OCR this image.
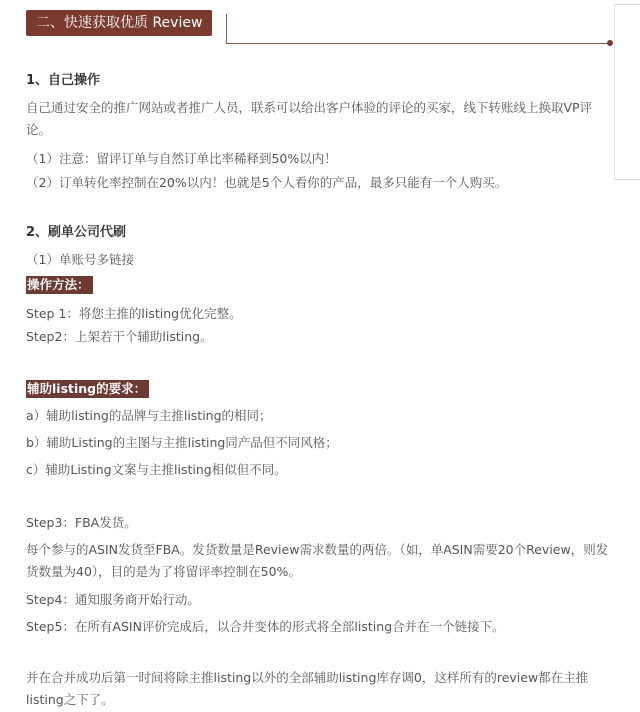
二、快速获取优质 Review
1、自己操作
自己通过安全的推广网站或者推广人员，联系可以给出客户体验的评论的买家，线下转账线上换取VP评论。
（1）注意：留评订单与自然订单比率稀释到50%以内！
（2）订单转化率控制在20%以内！也就是5个人看你的产品，最多只能有一个人购买。
2、刷单公司代刷
（1）单账号多链接
操作方法：
Step 1：将您主推的listing优化完整。
Step2：上架若干个辅助listing。
辅助listing的要求：
a）辅助listing的品牌与主推listing的相同；
b）辅助Listing的主图与主推listing同产品但不同风格；
c）辅助Listing文案与主推listing相似但不同。
Step3：FBA发货。
每个参与的ASIN发货至FBA。发货数量是Review需求数量的两倍。（如，单ASIN需要20个Review，则发货数量为40），目的是为了将留评率控制在50%。
Step4：通知服务商开始行动。
Step5：在所有ASIN评价完成后，以合并变体的形式将全部listing合并在一个链接下。
并在合并成功后第一时间将除主推listing以外的全部辅助listing库存调0，这样所有的review都在主推listing之下了。
